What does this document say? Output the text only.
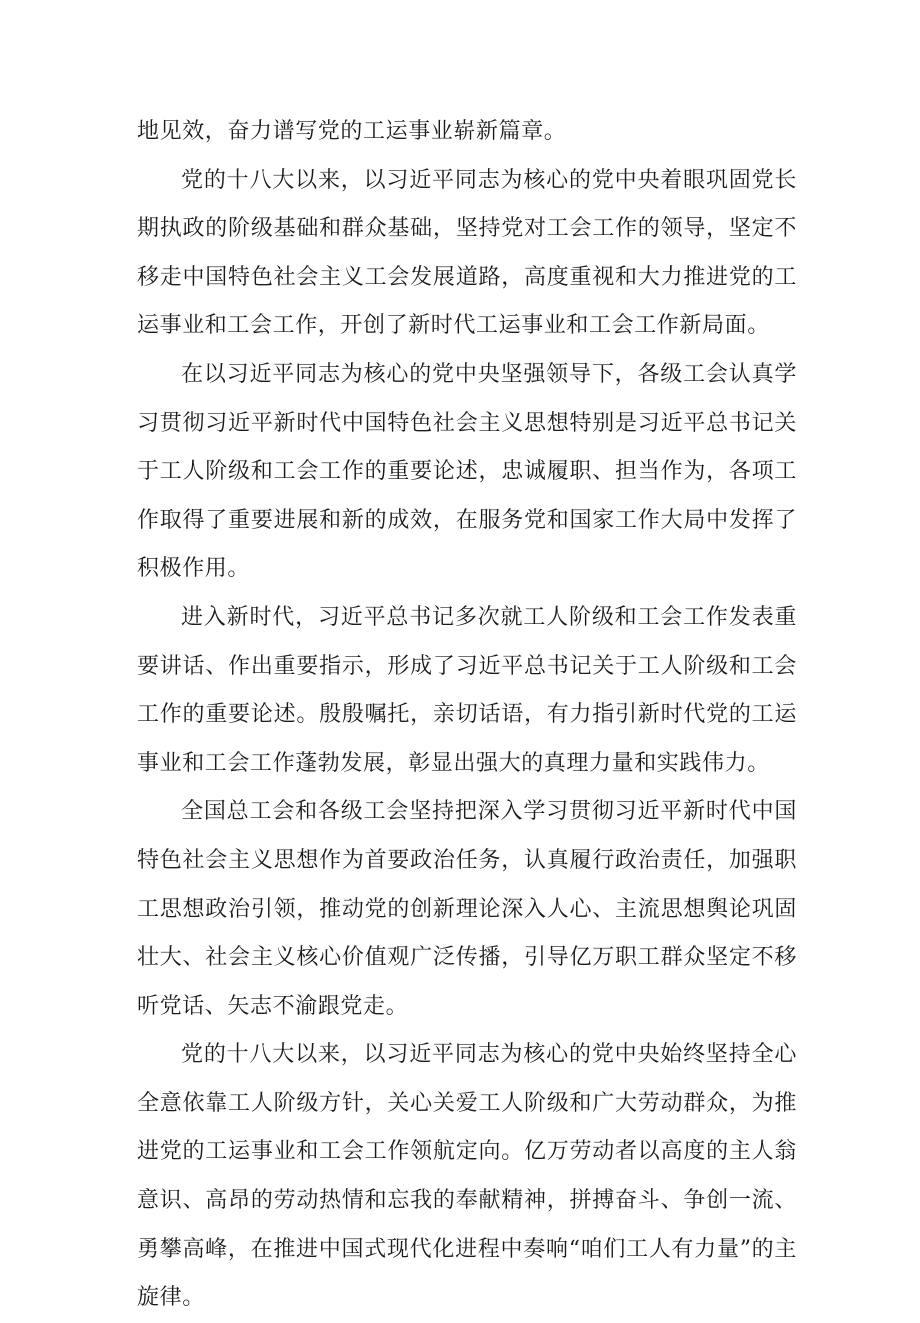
地见效，奋力谱写党的工运事业崭新篇章。

党的十八大以来，以习近平同志为核心的党中央着眼巩固党长期执政的阶级基础和群众基础，坚持党对工会工作的领导，坚定不移走中国特色社会主义工会发展道路，高度重视和大力推进党的工运事业和工会工作，开创了新时代工运事业和工会工作新局面。

在以习近平同志为核心的党中央坚强领导下，各级工会认真学习贯彻习近平新时代中国特色社会主义思想特别是习近平总书记关于工人阶级和工会工作的重要论述，忠诚履职、担当作为，各项工作取得了重要进展和新的成效，在服务党和国家工作大局中发挥了积极作用。

进入新时代，习近平总书记多次就工人阶级和工会工作发表重要讲话、作出重要指示，形成了习近平总书记关于工人阶级和工会工作的重要论述。殷殷嘱托，亲切话语，有力指引新时代党的工运事业和工会工作蓬勃发展，彰显出强大的真理力量和实践伟力。

全国总工会和各级工会坚持把深入学习贯彻习近平新时代中国特色社会主义思想作为首要政治任务，认真履行政治责任，加强职工思想政治引领，推动党的创新理论深入人心、主流思想舆论巩固壮大、社会主义核心价值观广泛传播，引导亿万职工群众坚定不移听党话、矢志不渝跟党走。

党的十八大以来，以习近平同志为核心的党中央始终坚持全心全意依靠工人阶级方针，关心关爱工人阶级和广大劳动群众，为推进党的工运事业和工会工作领航定向。亿万劳动者以高度的主人翁意识、高昂的劳动热情和忘我的奉献精神，拼搏奋斗、争创一流、勇攀高峰，在推进中国式现代化进程中奏响“咱们工人有力量”的主旋律。
